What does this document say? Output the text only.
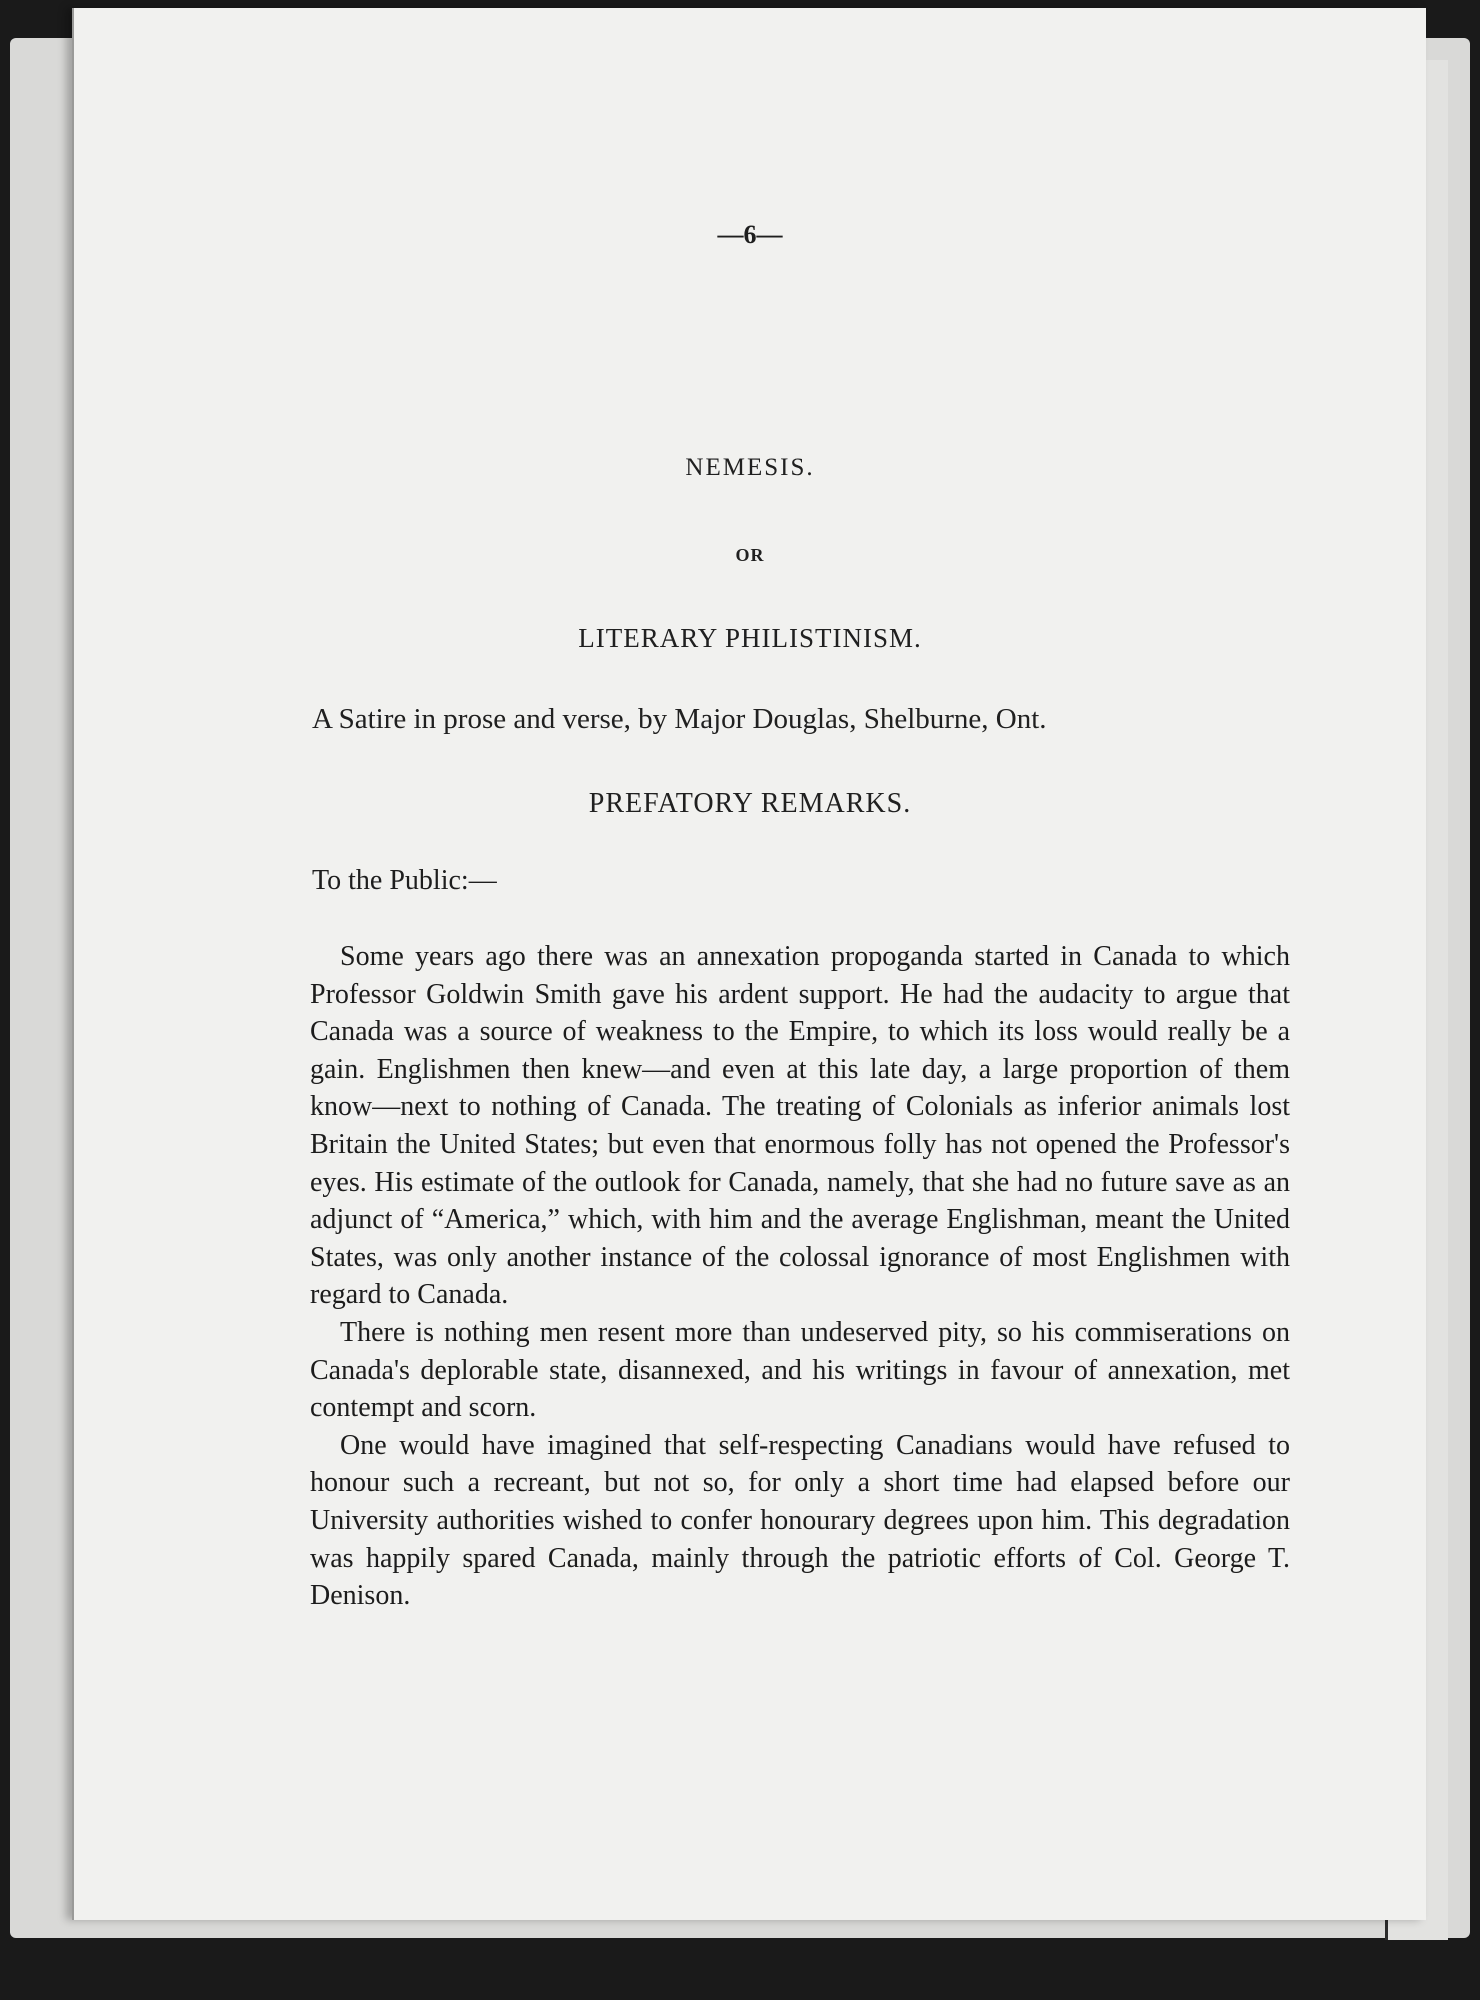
—6—
NEMESIS.
OR
LITERARY PHILISTINISM.
A Satire in prose and verse, by Major Douglas, Shelburne, Ont.
PREFATORY REMARKS.
To the Public:—

Some years ago there was an annexation propoganda started in Canada to which Professor Goldwin Smith gave his ardent support. He had the audacity to argue that Canada was a source of weakness to the Empire, to which its loss would really be a gain. Englishmen then knew—and even at this late day, a large proportion of them know—next to nothing of Canada. The treating of Colonials as inferior animals lost Britain the United States; but even that enormous folly has not opened the Professor's eyes. His estimate of the outlook for Canada, namely, that she had no future save as an adjunct of “America,” which, with him and the average Englishman, meant the United States, was only another instance of the colossal ignorance of most Englishmen with regard to Canada.

There is nothing men resent more than undeserved pity, so his commiserations on Canada's deplorable state, disannexed, and his writings in favour of annexation, met contempt and scorn.

One would have imagined that self-respecting Canadians would have refused to honour such a recreant, but not so, for only a short time had elapsed before our University authorities wished to confer honourary degrees upon him. This degradation was happily spared Canada, mainly through the patriotic efforts of Col. George T. Denison.
